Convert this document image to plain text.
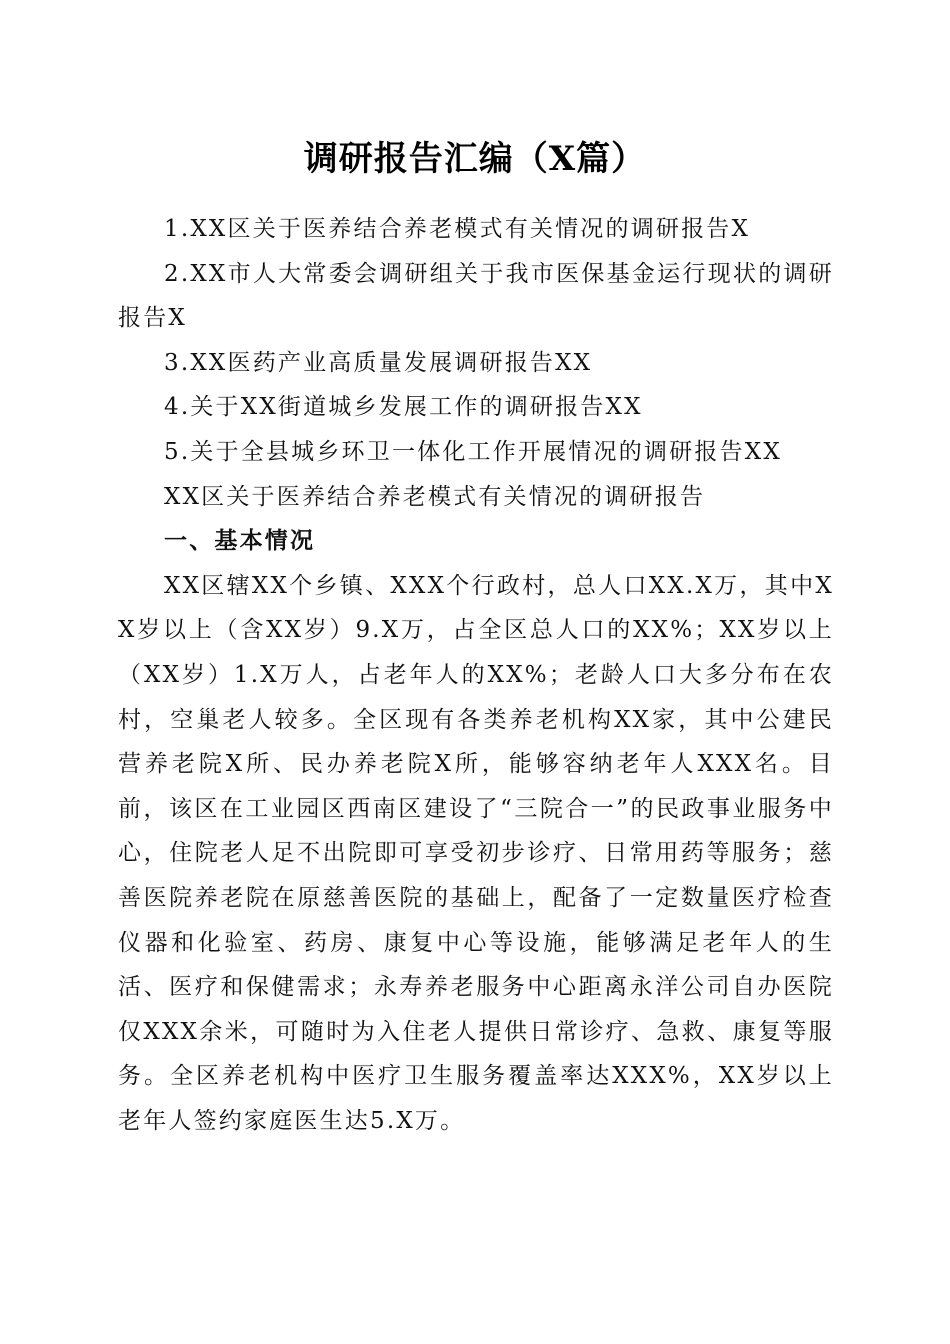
调研报告汇编（X篇）

1.XX区关于医养结合养老模式有关情况的调研报告X

2.XX市人大常委会调研组关于我市医保基金运行现状的调研报告X

3.XX医药产业高质量发展调研报告XX

4.关于XX街道城乡发展工作的调研报告XX

5.关于全县城乡环卫一体化工作开展情况的调研报告XX

XX区关于医养结合养老模式有关情况的调研报告

一、基本情况

XX区辖XX个乡镇、XXX个行政村，总人口XX.X万，其中XX岁以上（含XX岁）9.X万，占全区总人口的XX%；XX岁以上（XX岁）1.X万人，占老年人的XX%；老龄人口大多分布在农村，空巢老人较多。全区现有各类养老机构XX家，其中公建民营养老院X所、民办养老院X所，能够容纳老年人XXX名。目前，该区在工业园区西南区建设了“三院合一”的民政事业服务中心，住院老人足不出院即可享受初步诊疗、日常用药等服务；慈善医院养老院在原慈善医院的基础上，配备了一定数量医疗检查仪器和化验室、药房、康复中心等设施，能够满足老年人的生活、医疗和保健需求；永寿养老服务中心距离永洋公司自办医院仅XXX余米，可随时为入住老人提供日常诊疗、急救、康复等服务。全区养老机构中医疗卫生服务覆盖率达XXX%，XX岁以上老年人签约家庭医生达5.X万。
